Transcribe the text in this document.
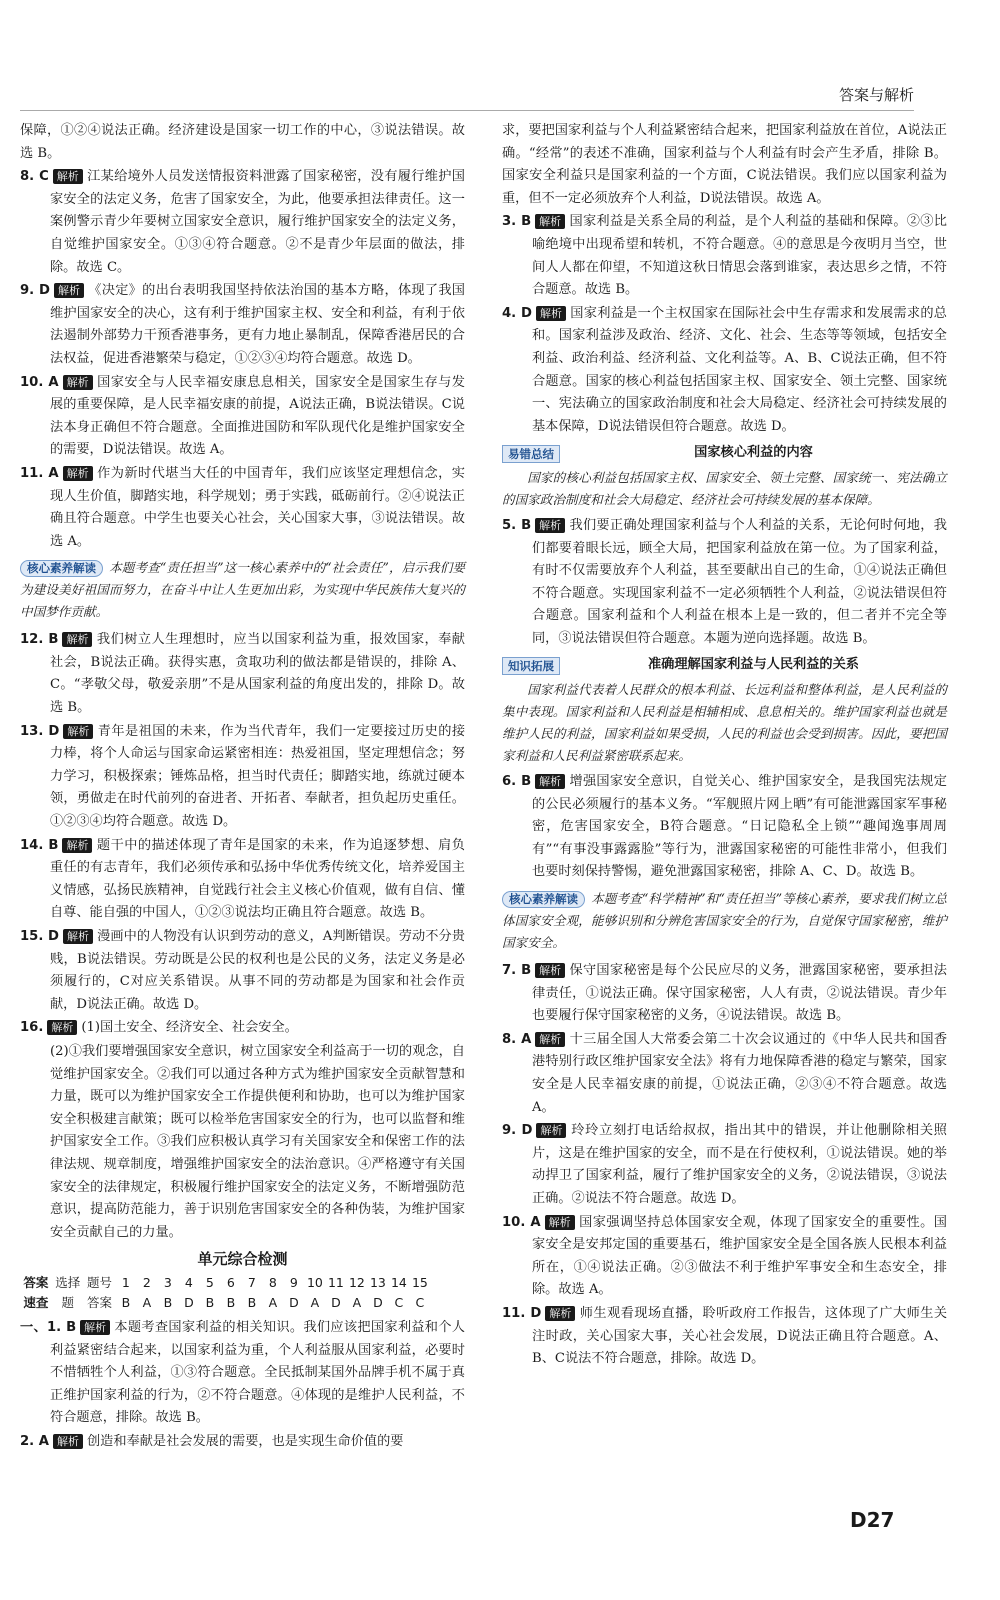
答案与解析

保障，①②④说法正确。经济建设是国家一切工作的中心，③说法错误。故选 B。

8. C 解析 江某给境外人员发送情报资料泄露了国家秘密，没有履行维护国家安全的法定义务，危害了国家安全，为此，他要承担法律责任。这一案例警示青少年要树立国家安全意识，履行维护国家安全的法定义务，自觉维护国家安全。①③④符合题意。②不是青少年层面的做法，排除。故选 C。

9. D 解析 《决定》的出台表明我国坚持依法治国的基本方略，体现了我国维护国家安全的决心，这有利于维护国家主权、安全和利益，有利于依法遏制外部势力干预香港事务，更有力地止暴制乱，保障香港居民的合法权益，促进香港繁荣与稳定，①②③④均符合题意。故选 D。

10. A 解析 国家安全与人民幸福安康息息相关，国家安全是国家生存与发展的重要保障，是人民幸福安康的前提，A说法正确，B说法错误。C说法本身正确但不符合题意。全面推进国防和军队现代化是维护国家安全的需要，D说法错误。故选 A。

11. A 解析 作为新时代堪当大任的中国青年，我们应该坚定理想信念，实现人生价值，脚踏实地，科学规划；勇于实践，砥砺前行。②④说法正确且符合题意。中学生也要关心社会，关心国家大事，③说法错误。故选 A。

核心素养解读 本题考查“责任担当”这一核心素养中的“社会责任”，启示我们要为建设美好祖国而努力，在奋斗中让人生更加出彩，为实现中华民族伟大复兴的中国梦作贡献。

12. B 解析 我们树立人生理想时，应当以国家利益为重，报效国家，奉献社会，B说法正确。获得实惠，贪取功利的做法都是错误的，排除 A、C。“孝敬父母，敬爱亲朋”不是从国家利益的角度出发的，排除 D。故选 B。

13. D 解析 青年是祖国的未来，作为当代青年，我们一定要接过历史的接力棒，将个人命运与国家命运紧密相连：热爱祖国，坚定理想信念；努力学习，积极探索；锤炼品格，担当时代责任；脚踏实地，练就过硬本领，勇做走在时代前列的奋进者、开拓者、奉献者，担负起历史重任。①②③④均符合题意。故选 D。

14. B 解析 题干中的描述体现了青年是国家的未来，作为追逐梦想、肩负重任的有志青年，我们必须传承和弘扬中华优秀传统文化，培养爱国主义情感，弘扬民族精神，自觉践行社会主义核心价值观，做有自信、懂自尊、能自强的中国人，①②③说法均正确且符合题意。故选 B。

15. D 解析 漫画中的人物没有认识到劳动的意义，A判断错误。劳动不分贵贱，B说法错误。劳动既是公民的权利也是公民的义务，法定义务是必须履行的，C对应关系错误。从事不同的劳动都是为国家和社会作贡献，D说法正确。故选 D。

16. 解析 (1)国土安全、经济安全、社会安全。

(2)①我们要增强国家安全意识，树立国家安全利益高于一切的观念，自觉维护国家安全。②我们可以通过各种方式为维护国家安全贡献智慧和力量，既可以为维护国家安全工作提供便利和协助，也可以为维护国家安全积极建言献策；既可以检举危害国家安全的行为，也可以监督和维护国家安全工作。③我们应积极认真学习有关国家安全和保密工作的法律法规、规章制度，增强维护国家安全的法治意识。④严格遵守有关国家安全的法律规定，积极履行维护国家安全的法定义务，不断增强防范意识，提高防范能力，善于识别危害国家安全的各种伪装，为维护国家安全贡献自己的力量。

单元综合检测
答案	选择	题号	1 2 3 4 5 6 7 8 9 10 11 12 13 14 15
速查	题	答案	B A B D B B B A D A D A D C C

一、1. B 解析 本题考查国家利益的相关知识。我们应该把国家利益和个人利益紧密结合起来，以国家利益为重，个人利益服从国家利益，必要时不惜牺牲个人利益，①③符合题意。全民抵制某国外品牌手机不属于真正维护国家利益的行为，②不符合题意。④体现的是维护人民利益，不符合题意，排除。故选 B。

2. A 解析 创造和奉献是社会发展的需要，也是实现生命价值的要

求，要把国家利益与个人利益紧密结合起来，把国家利益放在首位，A说法正确。“经常”的表述不准确，国家利益与个人利益有时会产生矛盾，排除 B。国家安全利益只是国家利益的一个方面，C说法错误。我们应以国家利益为重，但不一定必须放弃个人利益，D说法错误。故选 A。

3. B 解析 国家利益是关系全局的利益，是个人利益的基础和保障。②③比喻绝境中出现希望和转机，不符合题意。④的意思是今夜明月当空，世间人人都在仰望，不知道这秋日情思会落到谁家，表达思乡之情，不符合题意。故选 B。

4. D 解析 国家利益是一个主权国家在国际社会中生存需求和发展需求的总和。国家利益涉及政治、经济、文化、社会、生态等等领域，包括安全利益、政治利益、经济利益、文化利益等。A、B、C说法正确，但不符合题意。国家的核心利益包括国家主权、国家安全、领土完整、国家统一、宪法确立的国家政治制度和社会大局稳定、经济社会可持续发展的基本保障，D说法错误但符合题意。故选 D。

易错总结	国家核心利益的内容
国家的核心利益包括国家主权、国家安全、领土完整、国家统一、宪法确立的国家政治制度和社会大局稳定、经济社会可持续发展的基本保障。

5. B 解析 我们要正确处理国家利益与个人利益的关系，无论何时何地，我们都要着眼长远，顾全大局，把国家利益放在第一位。为了国家利益，有时不仅需要放弃个人利益，甚至要献出自己的生命，①④说法正确但不符合题意。实现国家利益不一定必须牺牲个人利益，②说法错误但符合题意。国家利益和个人利益在根本上是一致的，但二者并不完全等同，③说法错误但符合题意。本题为逆向选择题。故选 B。

知识拓展	准确理解国家利益与人民利益的关系
国家利益代表着人民群众的根本利益、长远利益和整体利益，是人民利益的集中表现。国家利益和人民利益是相辅相成、息息相关的。维护国家利益也就是维护人民的利益，国家利益如果受损，人民的利益也会受到损害。因此，要把国家利益和人民利益紧密联系起来。

6. B 解析 增强国家安全意识，自觉关心、维护国家安全，是我国宪法规定的公民必须履行的基本义务。“军舰照片网上晒”有可能泄露国家军事秘密，危害国家安全，B符合题意。“日记隐私全上锁”“趣闻逸事周周有”“有事没事露露脸”等行为，泄露国家秘密的可能性非常小，但我们也要时刻保持警惕，避免泄露国家秘密，排除 A、C、D。故选 B。

核心素养解读 本题考查“科学精神”和“责任担当”等核心素养，要求我们树立总体国家安全观，能够识别和分辨危害国家安全的行为，自觉保守国家秘密，维护国家安全。

7. B 解析 保守国家秘密是每个公民应尽的义务，泄露国家秘密，要承担法律责任，①说法正确。保守国家秘密，人人有责，②说法错误。青少年也要履行保守国家秘密的义务，④说法错误。故选 B。

8. A 解析 十三届全国人大常委会第二十次会议通过的《中华人民共和国香港特别行政区维护国家安全法》将有力地保障香港的稳定与繁荣，国家安全是人民幸福安康的前提，①说法正确，②③④不符合题意。故选 A。

9. D 解析 玲玲立刻打电话给叔叔，指出其中的错误，并让他删除相关照片，这是在维护国家的安全，而不是在行使权利，①说法错误。她的举动捍卫了国家利益，履行了维护国家安全的义务，②说法错误，③说法正确。②说法不符合题意。故选 D。

10. A 解析 国家强调坚持总体国家安全观，体现了国家安全的重要性。国家安全是安邦定国的重要基石，维护国家安全是全国各族人民根本利益所在，①④说法正确。②③做法不利于维护军事安全和生态安全，排除。故选 A。

11. D 解析 师生观看现场直播，聆听政府工作报告，这体现了广大师生关注时政，关心国家大事，关心社会发展，D说法正确且符合题意。A、B、C说法不符合题意，排除。故选 D。

D27
